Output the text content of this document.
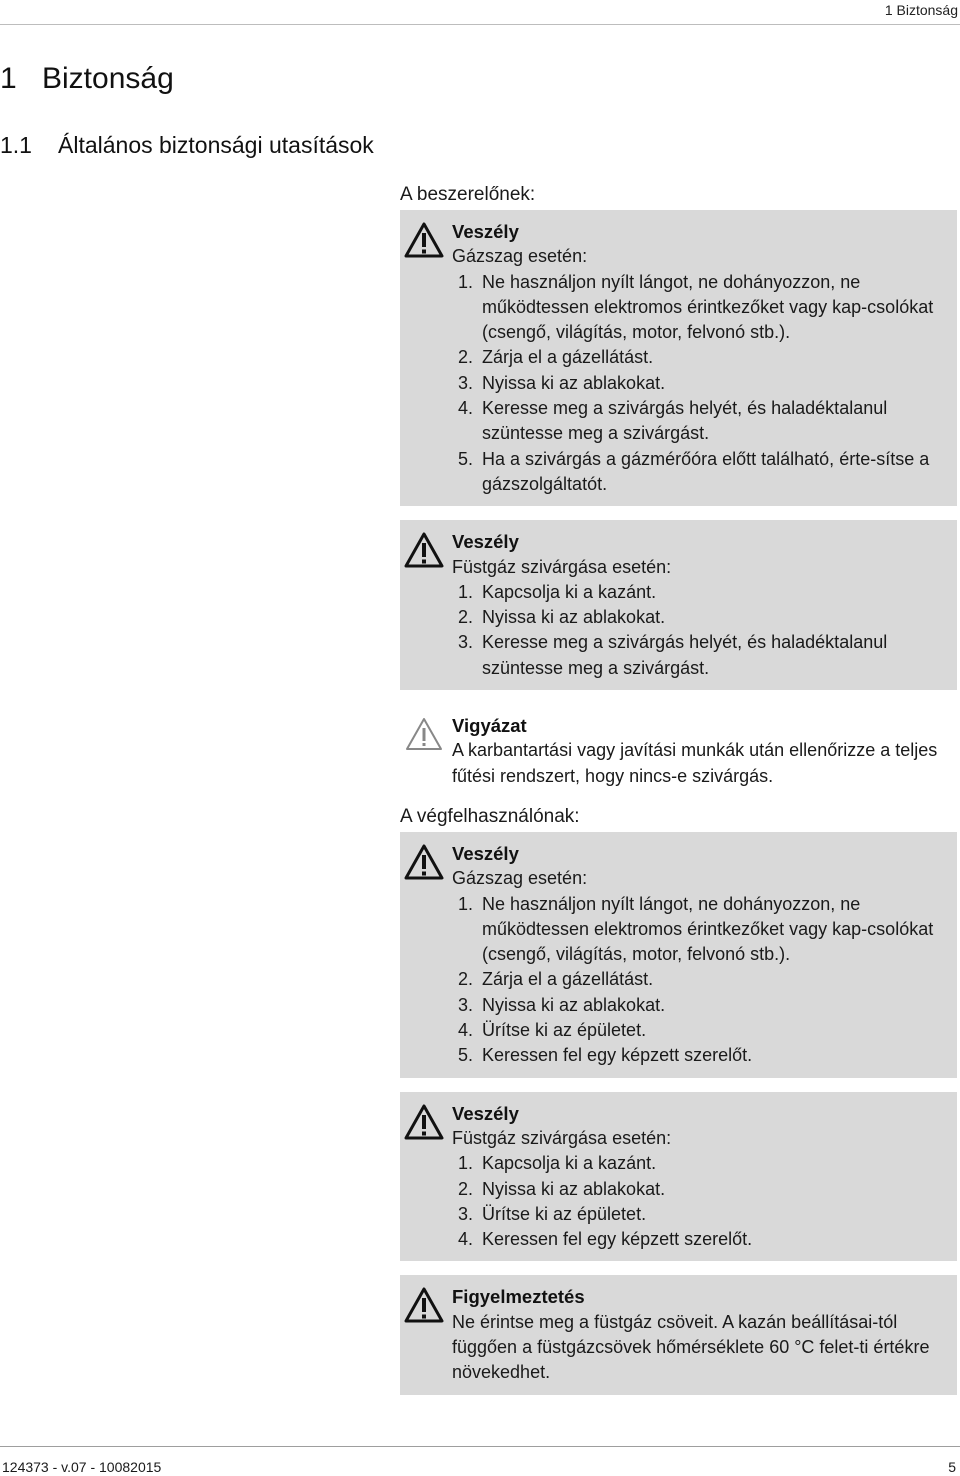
1 Biztonság
1 Biztonság
1.1 Általános biztonsági utasítások
A beszerelőnek:
Veszély
Gázszag esetén:
1. Ne használjon nyílt lángot, ne dohányozzon, ne működtessen elektromos érintkezőket vagy kap-csolókat (csengő, világítás, motor, felvonó stb.).
2. Zárja el a gázellátást.
3. Nyissa ki az ablakokat.
4. Keresse meg a szivárgás helyét, és haladéktalanul szüntesse meg a szivárgást.
5. Ha a szivárgás a gázmérőóra előtt található, érte-sítse a gázszolgáltatót.
Veszély
Füstgáz szivárgása esetén:
1. Kapcsolja ki a kazánt.
2. Nyissa ki az ablakokat.
3. Keresse meg a szivárgás helyét, és haladéktalanul szüntesse meg a szivárgást.
Vigyázat
A karbantartási vagy javítási munkák után ellenőrizze a teljes fűtési rendszert, hogy nincs-e szivárgás.
A végfelhasználónak:
Veszély
Gázszag esetén:
1. Ne használjon nyílt lángot, ne dohányozzon, ne működtessen elektromos érintkezőket vagy kap-csolókat (csengő, világítás, motor, felvonó stb.).
2. Zárja el a gázellátást.
3. Nyissa ki az ablakokat.
4. Ürítse ki az épületet.
5. Keressen fel egy képzett szerelőt.
Veszély
Füstgáz szivárgása esetén:
1. Kapcsolja ki a kazánt.
2. Nyissa ki az ablakokat.
3. Ürítse ki az épületet.
4. Keressen fel egy képzett szerelőt.
Figyelmeztetés
Ne érintse meg a füstgáz csöveit. A kazán beállításai-tól függően a füstgázcsövek hőmérséklete 60 °C felet-ti értékre növekedhet.
124373 - v.07 - 10082015	5
